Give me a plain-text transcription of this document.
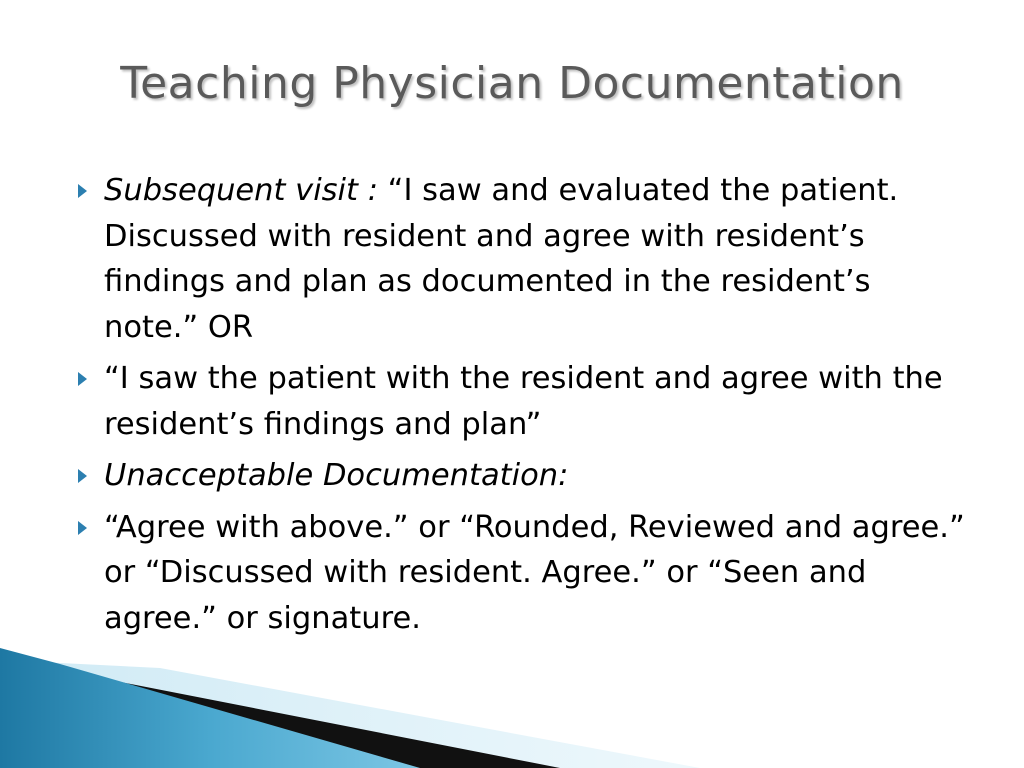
Teaching Physician Documentation
Subsequent visit : “I saw and evaluated the patient. Discussed with resident and agree with resident’s findings and plan as documented in the resident’s note.” OR
“I saw the patient with the resident and agree with the resident’s findings and plan”
Unacceptable Documentation:
“Agree with above.” or “Rounded, Reviewed and agree.” or “Discussed with resident. Agree.” or “Seen and agree.” or signature.
